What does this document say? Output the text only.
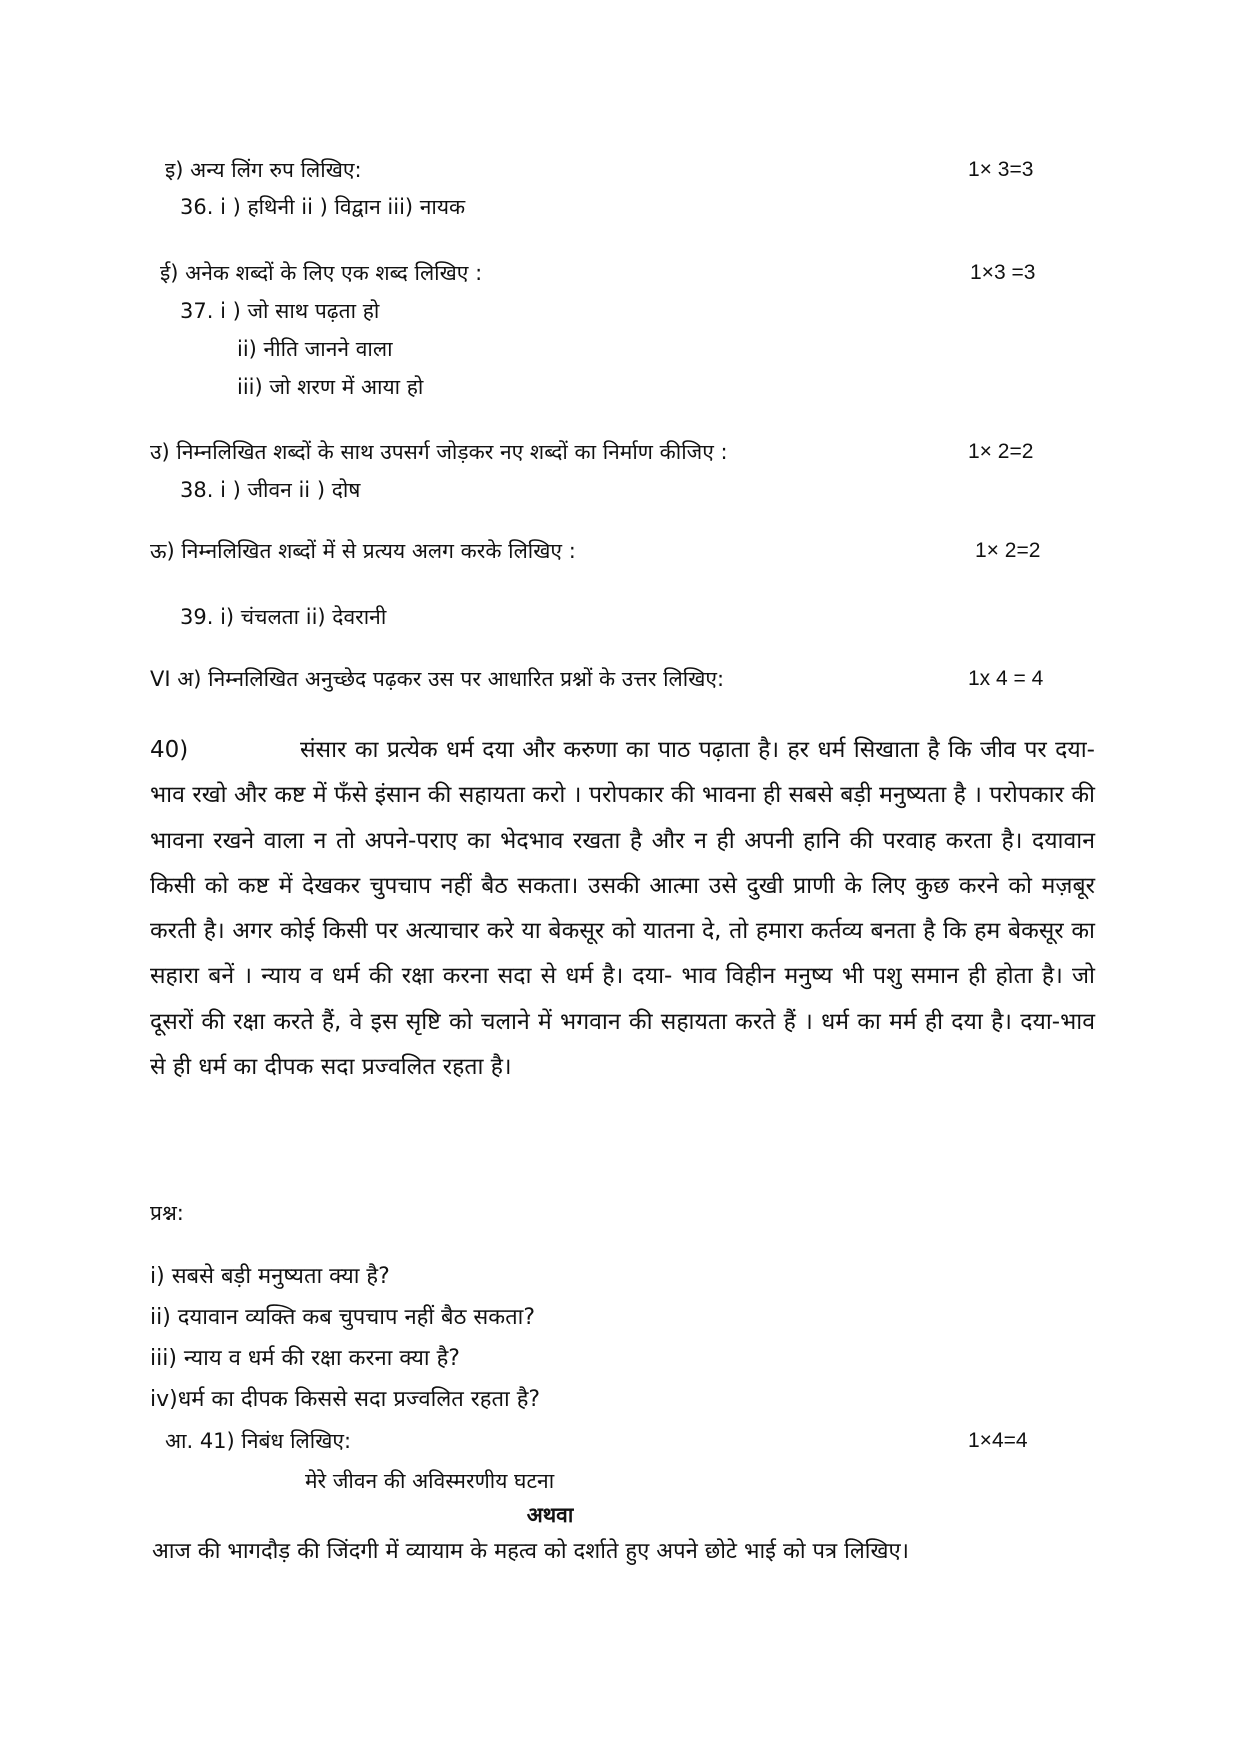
इ) अन्य लिंग रुप लिखिए:	1× 3=3
36. i ) हथिनी ii ) विद्वान iii) नायक
ई) अनेक शब्दों के लिए एक शब्द लिखिए :	1×3 =3
37. i ) जो साथ पढ़ता हो
ii) नीति जानने वाला
iii) जो शरण में आया हो
उ) निम्नलिखित शब्दों के साथ उपसर्ग जोड़कर नए शब्दों का निर्माण कीजिए :	1× 2=2
38. i ) जीवन ii ) दोष
ऊ) निम्नलिखित शब्दों में से प्रत्यय अलग करके लिखिए :	1× 2=2
39. i) चंचलता ii) देवरानी
VI अ) निम्नलिखित अनुच्छेद पढ़कर उस पर आधारित प्रश्नों के उत्तर लिखिए:	1x 4 = 4
40)	संसार का प्रत्येक धर्म दया और करुणा का पाठ पढ़ाता है। हर धर्म सिखाता है कि जीव पर दया-भाव रखो और कष्ट में फँसे इंसान की सहायता करो । परोपकार की भावना ही सबसे बड़ी मनुष्यता है । परोपकार की भावना रखने वाला न तो अपने-पराए का भेदभाव रखता है और न ही अपनी हानि की परवाह करता है। दयावान किसी को कष्ट में देखकर चुपचाप नहीं बैठ सकता। उसकी आत्मा उसे दुखी प्राणी के लिए कुछ करने को मज़बूर करती है। अगर कोई किसी पर अत्याचार करे या बेकसूर को यातना दे, तो हमारा कर्तव्य बनता है कि हम बेकसूर का सहारा बनें । न्याय व धर्म की रक्षा करना सदा से धर्म है। दया- भाव विहीन मनुष्य भी पशु समान ही होता है। जो दूसरों की रक्षा करते हैं, वे इस सृष्टि को चलाने में भगवान की सहायता करते हैं । धर्म का मर्म ही दया है। दया-भाव से ही धर्म का दीपक सदा प्रज्वलित रहता है।
प्रश्न:
i) सबसे बड़ी मनुष्यता क्या है?
ii) दयावान व्यक्ति कब चुपचाप नहीं बैठ सकता?
iii) न्याय व धर्म की रक्षा करना क्या है?
iv)धर्म का दीपक किससे सदा प्रज्वलित रहता है?
आ. 41) निबंध लिखिए:	1×4=4
मेरे जीवन की अविस्मरणीय घटना
अथवा
आज की भागदौड़ की जिंदगी में व्यायाम के महत्व को दर्शाते हुए अपने छोटे भाई को पत्र लिखिए।
